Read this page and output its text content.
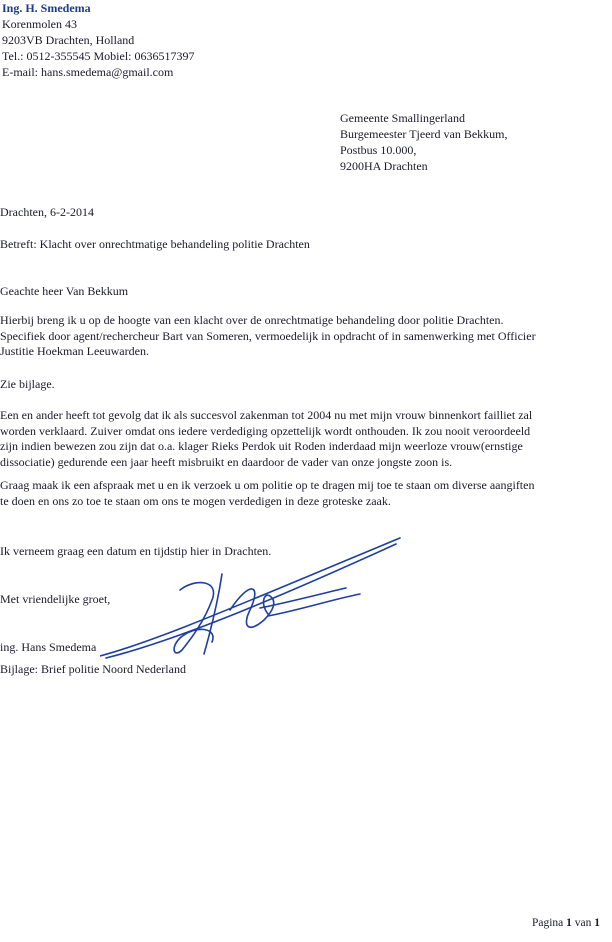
Ing. H. Smedema
Korenmolen 43
9203VB Drachten, Holland
Tel.: 0512-355545 Mobiel: 0636517397
E-mail: hans.smedema@gmail.com
Gemeente Smallingerland
Burgemeester Tjeerd van Bekkum,
Postbus 10.000,
9200HA Drachten
Drachten, 6-2-2014
Betreft: Klacht over onrechtmatige behandeling politie Drachten
Geachte heer Van Bekkum
Hierbij breng ik u op de hoogte van een klacht over de onrechtmatige behandeling door politie Drachten.
Specifiek door agent/rechercheur Bart van Someren, vermoedelijk in opdracht of in samenwerking met Officier
Justitie Hoekman Leeuwarden.
Zie bijlage.
Een en ander heeft tot gevolg dat ik als succesvol zakenman tot 2004 nu met mijn vrouw binnenkort failliet zal
worden verklaard. Zuiver omdat ons iedere verdediging opzettelijk wordt onthouden. Ik zou nooit veroordeeld
zijn indien bewezen zou zijn dat o.a. klager Rieks Perdok uit Roden inderdaad mijn weerloze vrouw(ernstige
dissociatie) gedurende een jaar heeft misbruikt en daardoor de vader van onze jongste zoon is.
Graag maak ik een afspraak met u en ik verzoek u om politie op te dragen mij toe te staan om diverse aangiften
te doen en ons zo toe te staan om ons te mogen verdedigen in deze groteske zaak.
Ik verneem graag een datum en tijdstip hier in Drachten.
Met vriendelijke groet,
ing. Hans Smedema
Bijlage: Brief politie Noord Nederland
Pagina 1 van 1
